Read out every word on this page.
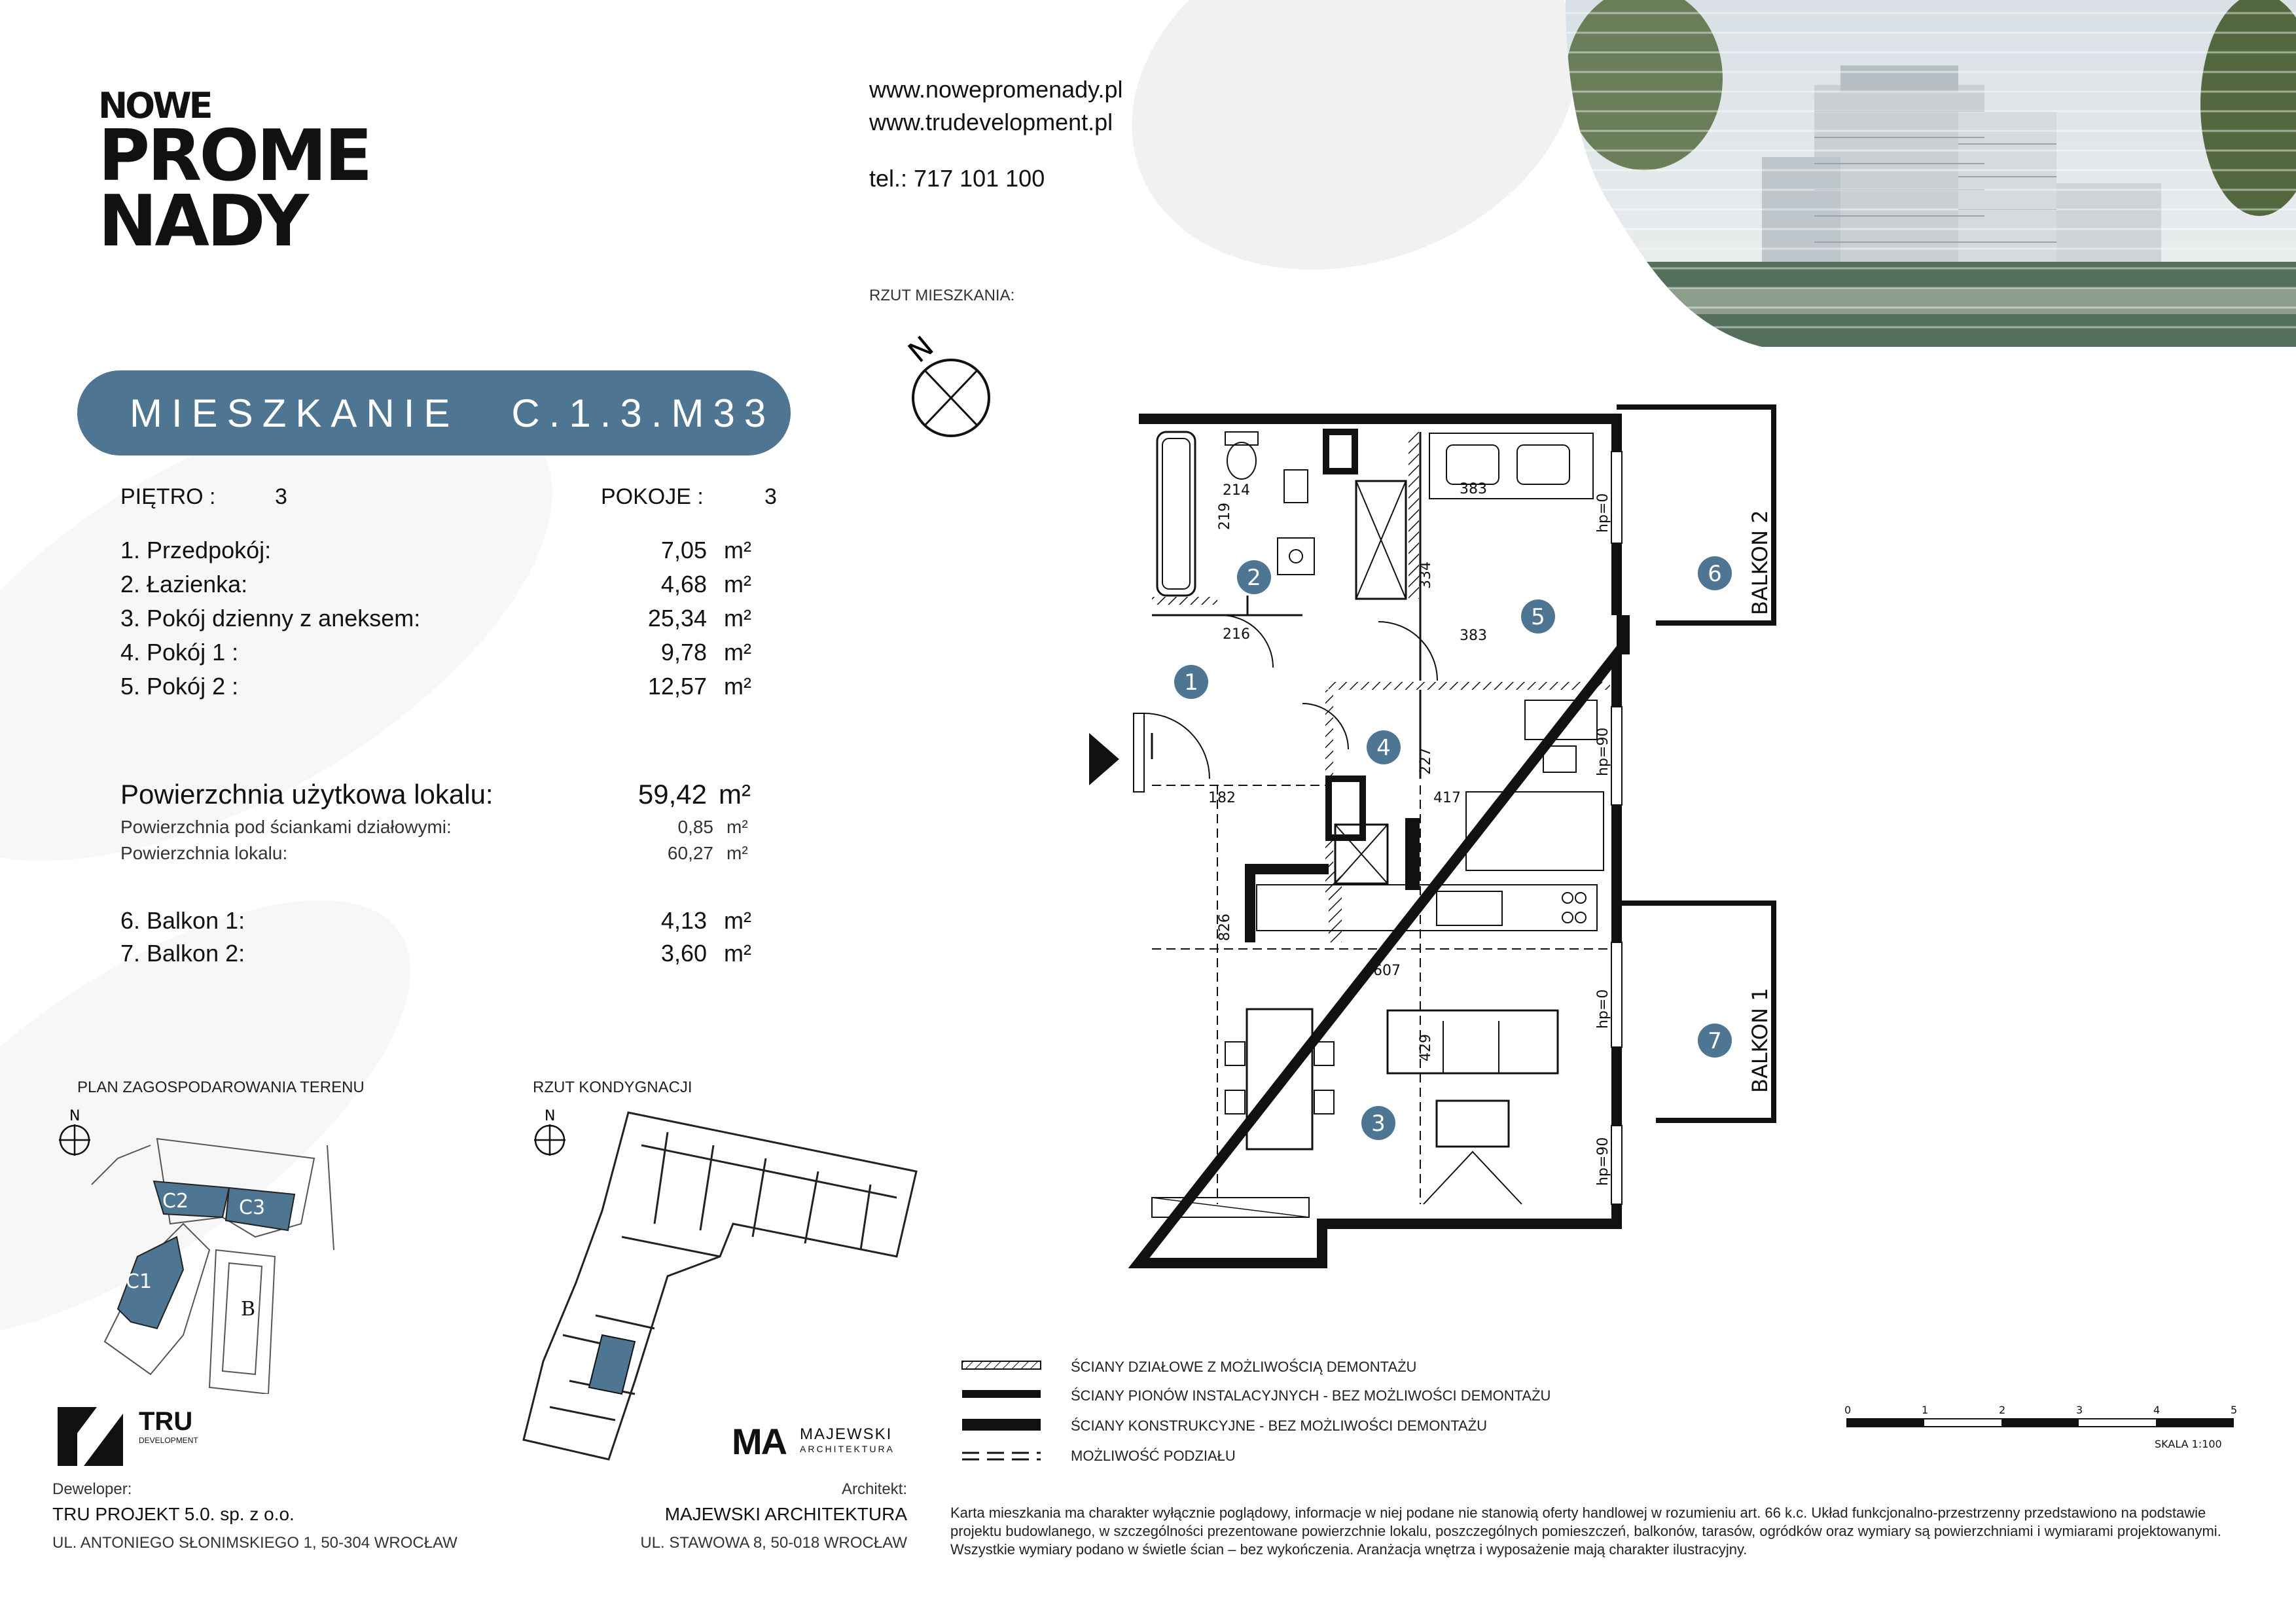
NOWE
PROME
NADY
www.nowepromenady.pl
www.trudevelopment.pl
tel.: 717 101 100
RZUT MIESZKANIA:
N
MIESZKANIE C.1.3.M33
PIĘTRO :	3	POKOJE :	3
1. Przedpokój:	7,05 m²
2. Łazienka:	4,68 m²
3. Pokój dzienny z aneksem:	25,34 m²
4. Pokój 1 :	9,78 m²
5. Pokój 2 :	12,57 m²
Powierzchnia użytkowa lokalu:	59,42 m²
Powierzchnia pod ściankami działowymi:	0,85 m²
Powierzchnia lokalu:	60,27 m²
6. Balkon 1:	4,13 m²
7. Balkon 2:	3,60 m²
PLAN ZAGOSPODAROWANIA TERENU	RZUT KONDYGNACJI
N	N
C2	C3
C1
B
TRU
DEVELOPMENT
Deweloper:
TRU PROJEKT 5.0. sp. z o.o.
UL. ANTONIEGO SŁONIMSKIEGO 1, 50-304 WROCŁAW
MA MAJEWSKI
ARCHITEKTURA
Architekt:
MAJEWSKI ARCHITEKTURA
UL. STAWOWA 8, 50-018 WROCŁAW
1
2
3
4
5
6
7
214
219
383
334
216	383
227
417
182
826
607
429
hp=0
hp=90
hp=0
hp=90
BALKON 2
BALKON 1
ŚCIANY DZIAŁOWE Z MOŻLIWOŚCIĄ DEMONTAŻU
ŚCIANY PIONÓW INSTALACYJNYCH - BEZ MOŻLIWOŚCI DEMONTAŻU
ŚCIANY KONSTRUKCYJNE - BEZ MOŻLIWOŚCI DEMONTAŻU
MOŻLIWOŚĆ PODZIAŁU
0	1	2	3	4	5
SKALA 1:100
Karta mieszkania ma charakter wyłącznie poglądowy, informacje w niej podane nie stanowią oferty handlowej w rozumieniu art. 66 k.c. Układ funkcjonalno-przestrzenny przedstawiono na podstawie projektu budowlanego, w szczególności prezentowane powierzchnie lokalu, poszczególnych pomieszczeń, balkonów, tarasów, ogródków oraz wymiary są powierzchniami i wymiarami projektowanymi. Wszystkie wymiary podano w świetle ścian – bez wykończenia. Aranżacja wnętrza i wyposażenie mają charakter ilustracyjny.
